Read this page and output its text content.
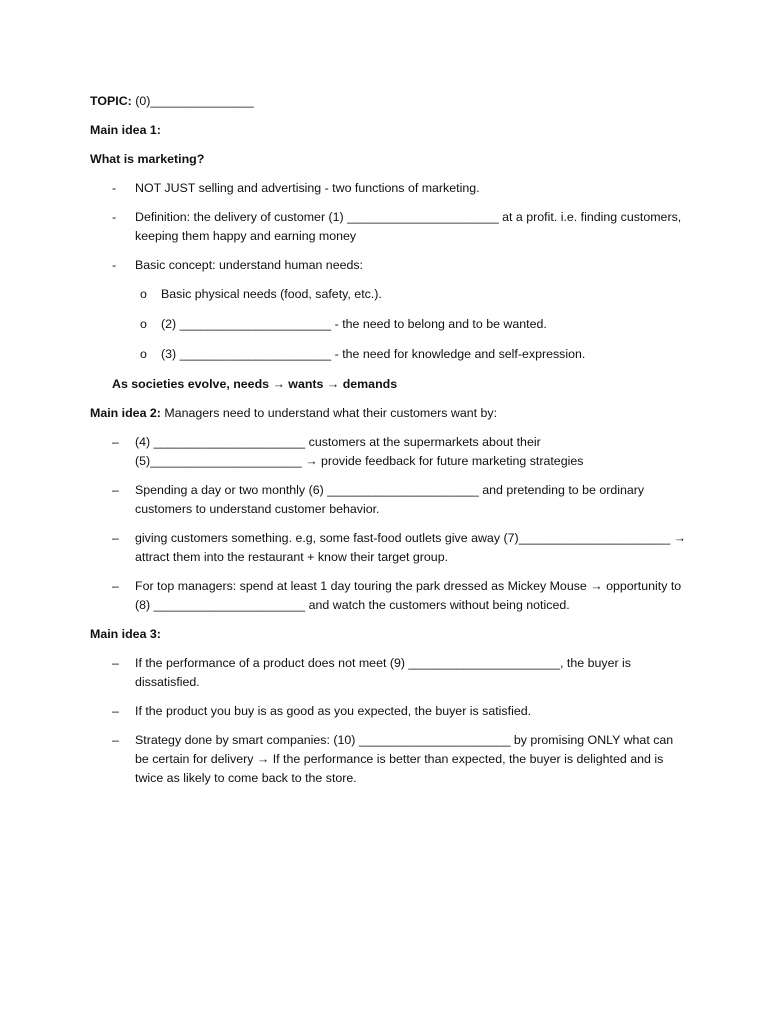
TOPIC: (0)_______________

Main idea 1:

What is marketing?

- NOT JUST selling and advertising - two functions of marketing.
- Definition: the delivery of customer (1) ______________________ at a profit. i.e. finding customers, keeping them happy and earning money
- Basic concept: understand human needs:
o Basic physical needs (food, safety, etc.).
o (2) ______________________ - the need to belong and to be wanted.
o (3) ______________________ - the need for knowledge and self-expression.

As societies evolve, needs → wants → demands

Main idea 2: Managers need to understand what their customers want by:

– (4) ______________________ customers at the supermarkets about their (5)______________________ → provide feedback for future marketing strategies
– Spending a day or two monthly (6) ______________________ and pretending to be ordinary customers to understand customer behavior.
– giving customers something. e.g, some fast-food outlets give away (7)______________________ → attract them into the restaurant + know their target group.
– For top managers: spend at least 1 day touring the park dressed as Mickey Mouse → opportunity to (8) ______________________ and watch the customers without being noticed.

Main idea 3:

– If the performance of a product does not meet (9) ______________________, the buyer is dissatisfied.
– If the product you buy is as good as you expected, the buyer is satisfied.
– Strategy done by smart companies: (10) ______________________ by promising ONLY what can be certain for delivery → If the performance is better than expected, the buyer is delighted and is twice as likely to come back to the store.
